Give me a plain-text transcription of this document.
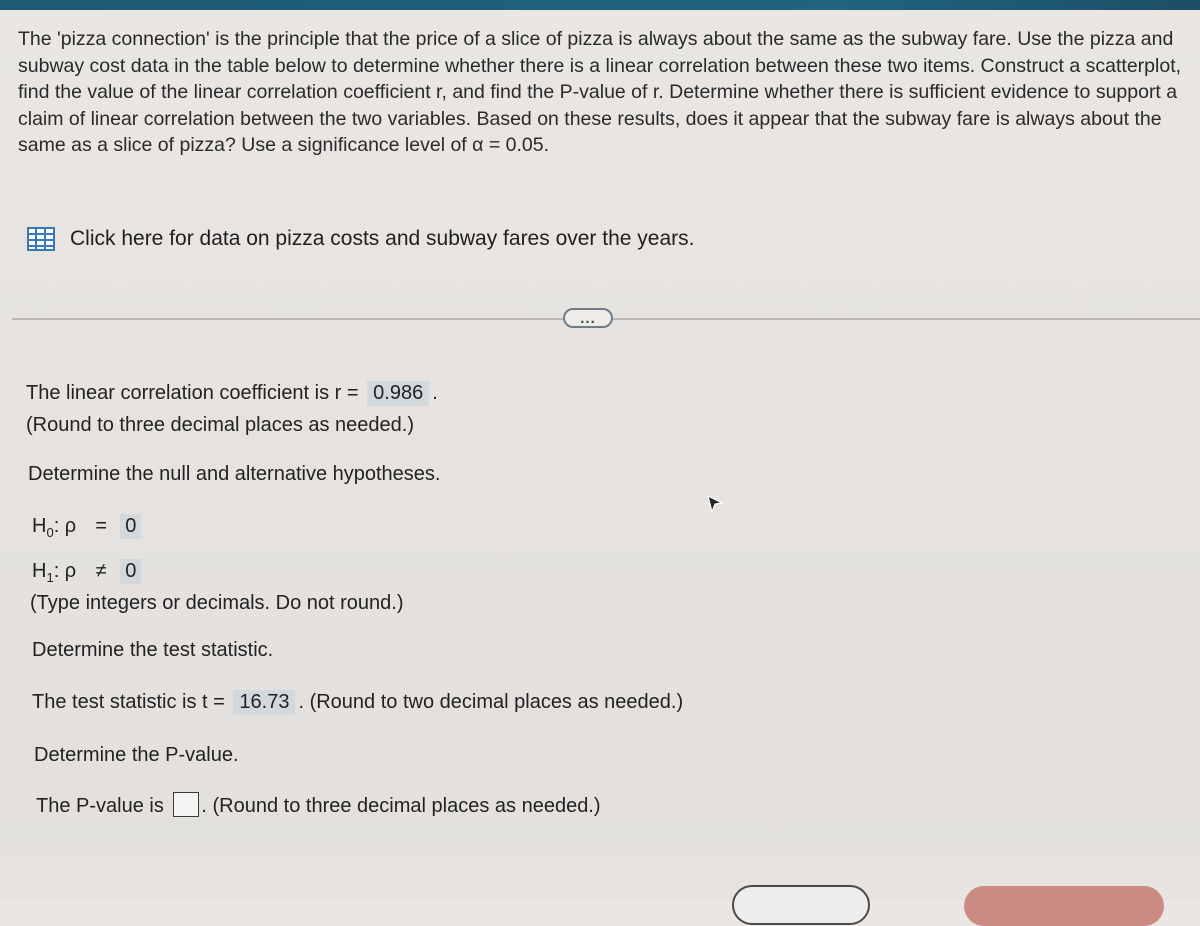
The 'pizza connection' is the principle that the price of a slice of pizza is always about the same as the subway fare. Use the pizza and subway cost data in the table below to determine whether there is a linear correlation between these two items. Construct a scatterplot, find the value of the linear correlation coefficient r, and find the P-value of r. Determine whether there is sufficient evidence to support a claim of linear correlation between the two variables. Based on these results, does it appear that the subway fare is always about the same as a slice of pizza? Use a significance level of α = 0.05.

Click here for data on pizza costs and subway fares over the years.
...
The linear correlation coefficient is r = 0.986 .
(Round to three decimal places as needed.)
Determine the null and alternative hypotheses.
$H_0$: ρ = 0
$H_1$: ρ ≠ 0
(Type integers or decimals. Do not round.)
Determine the test statistic.
The test statistic is t = 16.73 . (Round to two decimal places as needed.)
Determine the P-value.
The P-value is . (Round to three decimal places as needed.)
